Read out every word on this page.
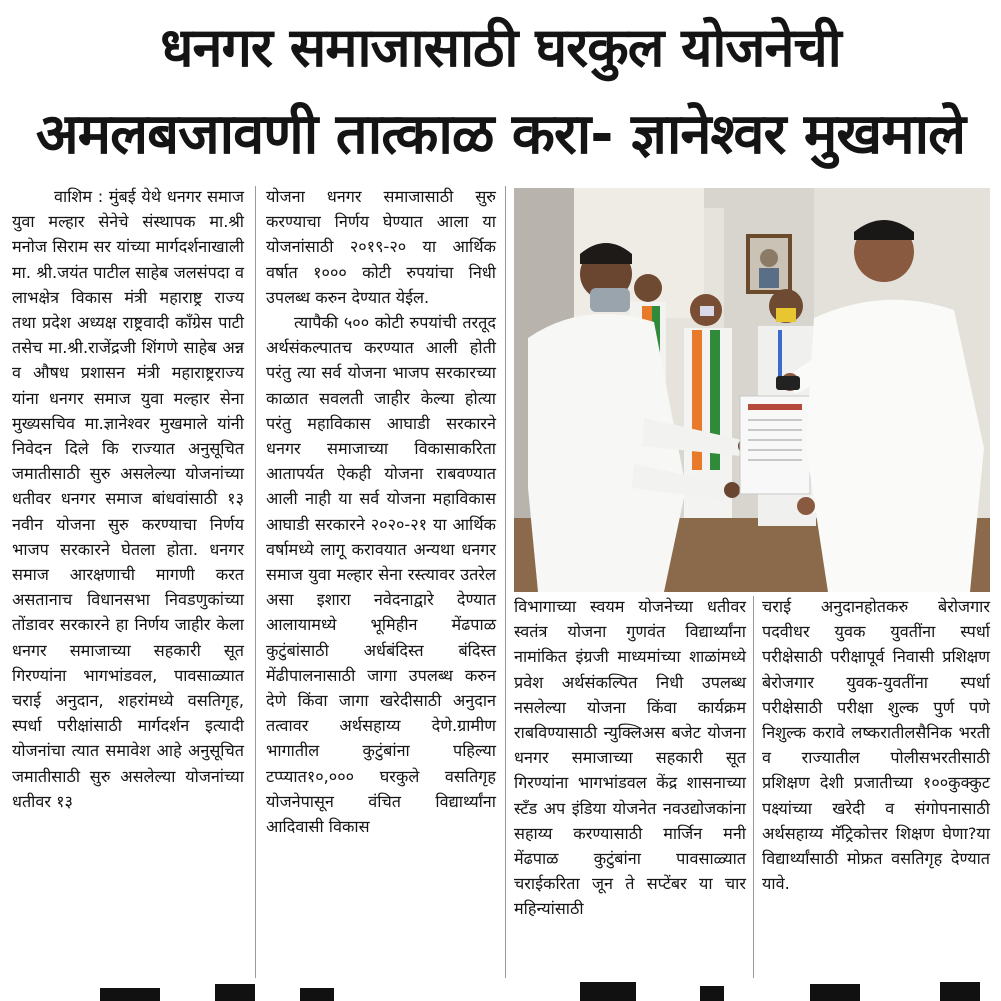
धनगर समाजासाठी घरकुल योजनेची
अमलबजावणी तात्काळ करा- ज्ञानेश्वर मुखमाले

वाशिम : मुंबई येथे धनगर समाज युवा मल्हार सेनेचे संस्थापक मा.श्री मनोज सिराम सर यांच्या मार्गदर्शनाखाली मा. श्री.जयंत पाटील साहेब जलसंपदा व लाभक्षेत्र विकास मंत्री महाराष्ट्र राज्य तथा प्रदेश अध्यक्ष राष्ट्रवादी काँग्रेस पाटी तसेच मा.श्री.राजेंद्रजी शिंगणे साहेब अन्न व औषध प्रशासन मंत्री महाराष्ट्रराज्य यांना धनगर समाज युवा मल्हार सेना मुख्यसचिव मा.ज्ञानेश्वर मुखमाले यांनी निवेदन दिले कि राज्यात अनुसूचित जमातीसाठी सुरु असलेल्या योजनांच्या धतीवर धनगर समाज बांधवांसाठी १३ नवीन योजना सुरु करण्याचा निर्णय भाजप सरकारने घेतला होता. धनगर समाज आरक्षणाची मागणी करत असतानाच विधानसभा निवडणुकांच्या तोंडावर सरकारने हा निर्णय जाहीर केला धनगर समाजाच्या सहकारी सूत गिरण्यांना भागभांडवल, पावसाळ्यात चराई अनुदान, शहरांमध्ये वसतिगृह, स्पर्धा परीक्षांसाठी मार्गदर्शन इत्यादी योजनांचा त्यात समावेश आहे अनुसूचित जमातीसाठी सुरु असलेल्या योजनांच्या धतीवर १३

योजना धनगर समाजासाठी सुरु करण्याचा निर्णय घेण्यात आला या योजनांसाठी २०१९-२० या आर्थिक वर्षात १००० कोटी रुपयांचा निधी उपलब्ध करुन देण्यात येईल.

त्यापैकी ५०० कोटी रुपयांची तरतूद अर्थसंकल्पातच करण्यात आली होती परंतु त्या सर्व योजना भाजप सरकारच्या काळात सवलती जाहीर केल्या होत्या परंतु महाविकास आघाडी सरकारने धनगर समाजाच्या विकासाकरिता आतापर्यत ऐकही योजना राबवण्यात आली नाही या सर्व योजना महाविकास आघाडी सरकारने २०२०-२१ या आर्थिक वर्षामध्ये लागू करावयात अन्यथा धनगर समाज युवा मल्हार सेना रस्त्यावर उतरेल असा इशारा नवेदनाद्वारे देण्यात आलायामध्ये भूमिहीन मेंढपाळ कुटुंबांसाठी अर्धबंदिस्त बंदिस्त मेंढीपालनासाठी जागा उपलब्ध करुन देणे किंवा जागा खरेदीसाठी अनुदान तत्वावर अर्थसहाय्य देणे.ग्रामीण भागातील कुटुंबांना पहिल्या टप्प्यात१०,००० घरकुले वसतिगृह योजनेपासून वंचित विद्यार्थ्यांना आदिवासी विकास

विभागाच्या स्वयम योजनेच्या धतीवर स्वतंत्र योजना गुणवंत विद्यार्थ्यांना नामांकित इंग्रजी माध्यमांच्या शाळांमध्ये प्रवेश अर्थसंकल्पित निधी उपलब्ध नसलेल्या योजना किंवा कार्यक्रम राबविण्यासाठी न्युक्लिअस बजेट योजना धनगर समाजाच्या सहकारी सूत गिरण्यांना भागभांडवल केंद्र शासनाच्या स्टँड अप इंडिया योजनेत नवउद्योजकांना सहाय्य करण्यासाठी मार्जिन मनी मेंढपाळ कुटुंबांना पावसाळ्यात चराईकरिता जून ते सप्टेंबर या चार महिन्यांसाठी

चराई अनुदानहोतकरु बेरोजगार पदवीधर युवक युवतींना स्पर्धा परीक्षेसाठी परीक्षापूर्व निवासी प्रशिक्षण बेरोजगार युवक-युवतींना स्पर्धा परीक्षेसाठी परीक्षा शुल्क पुर्ण पणे निशुल्क करावे लष्करातीलसैनिक भरती व राज्यातील पोलीसभरतीसाठी प्रशिक्षण देशी प्रजातीच्या १००कुक्कुट पक्ष्यांच्या खरेदी व संगोपनासाठी अर्थसहाय्य मॅट्रिकोत्तर शिक्षण घेणा?या विद्यार्थ्यांसाठी मोफ्रत वसतिगृह देण्यात यावे.
